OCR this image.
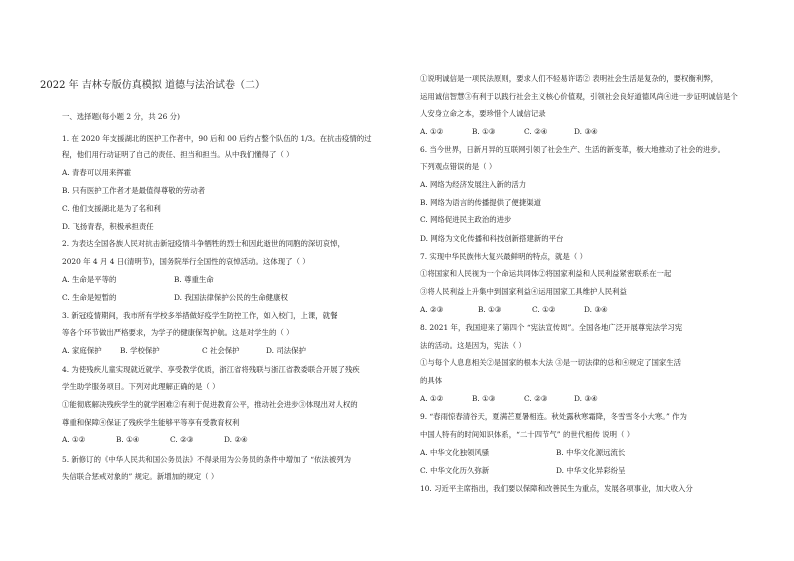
2022 年 吉林专版仿真模拟 道德与法治试卷（二）
一、选择题(每小题 2 分，共 26 分)
1. 在 2020 年支援湖北的医护工作者中，90 后和 00 后约占整个队伍的 1/3。在抗击疫情的过
程，他们用行动证明了自己的责任、担当和担当。从中我们懂得了（ ）
A. 青春可以用来挥霍
B. 只有医护工作者才是最值得尊敬的劳动者
C. 他们支援湖北是为了名和利
D. 飞扬青春，积极承担责任
2. 为表达全国各族人民对抗击新冠疫情斗争牺牲的烈士和因此逝世的同胞的深切哀悼，
2020 年 4 月 4 日(清明节)，国务院举行全国性的哀悼活动。这体现了（ ）
A. 生命是平等的	B. 尊重生命
C. 生命是短暂的	D. 我国法律保护公民的生命健康权
3. 新冠疫情期间，我市所有学校多举措做好疫学生防控工作，如入校门，上课，就餐
等各个环节做出严格要求，为学子的健康保驾护航。这是对学生的（ ）
A. 家庭保护 B. 学校保护	C 社会保护	D. 司法保护
4. 为使残疾儿童实现就近就学、享受教学优质，浙江省将残联与浙江省教委联合开展了残疾
学生助学服务项目。下列对此理解正确的是（ ）
①能彻底解决残疾学生的就学困难②有利于促进教育公平，推动社会进步③体现出对人权的
尊重和保障④保证了残疾学生能够平等享有受教育权利
A. ①②	B. ①④	C. ②③	D. ②④
5. 新修订的《中华人民共和国公务员法》不得录用为公务员的条件中增加了 “依法被列为
失信联合惩戒对象的” 规定。新增加的规定（ ）
①说明诚信是一项民法原则，要求人们不轻易许诺② 表明社会生活是复杂的，要权衡利弊，
运用诚信智慧③有利于以践行社会主义核心价值观，引领社会良好道德风尚④进一步证明诚信是个
人安身立命之本，要珍惜个人诚信记录
A. ①②	B. ①③	C. ②④	D. ③④
6. 当今世界，日新月异的互联网引领了社会生产、生活的新变革，极大地推动了社会的进步。
下列观点错误的是（ ）
A. 网络为经济发展注入新的活力
B. 网络为语言的传播提供了便捷渠道
C. 网络促进民主政治的进步
D. 网络为文化传播和科技创新搭建新的平台
7. 实现中华民族伟大复兴最鲜明的特点，就是（ ）
①将国家和人民视为一个命运共同体②将国家利益和人民利益紧密联系在一起
③将人民利益上升集中到国家利益④运用国家工具维护人民利益
A. ②③	B. ①③	C. ①②	D. ③④
8. 2021 年，我国迎来了第四个 “宪法宣传周”。全国各地广泛开展尊宪法学习宪
法的活动。这是因为，宪法（ ）
①与每个人息息相关②是国家的根本大法 ③是一切法律的总和④规定了国家生活
的具体
A. ①②	B. ①③	C. ②③	D. ③④
9. “春雨惊春清谷天，夏满芒夏暑相连。秋处露秋寒霜降，冬雪雪冬小大寒。” 作为
中国人特有的时间知识体系，“二十四节气” 的世代相传 说明（ ）
A. 中华文化独领风骚	B. 中华文化源远流长
C. 中华文化历久弥新	D. 中华文化异彩纷呈
10. 习近平主席指出，我们要以保障和改善民生为重点，发展各项事业，加大收入分
